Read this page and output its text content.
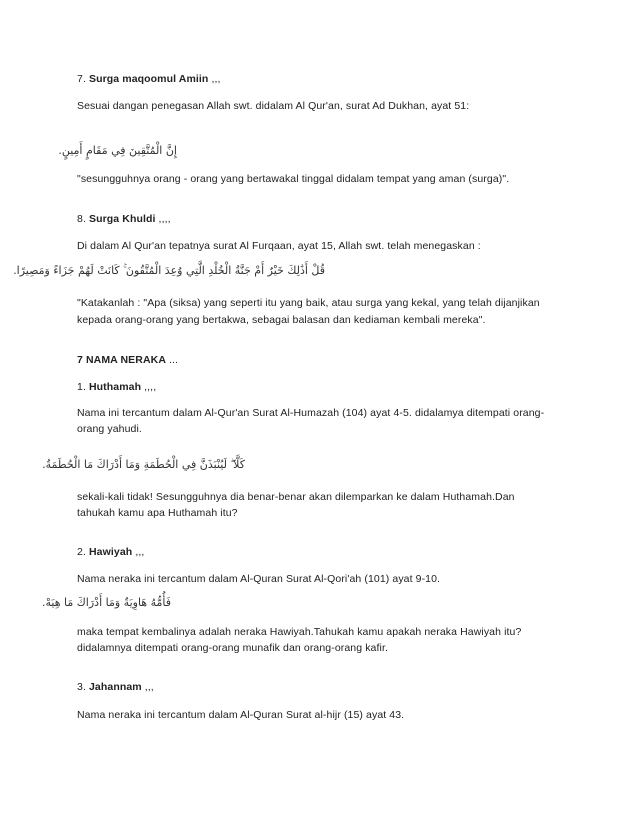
7. Surga maqoomul Amiin ,,,
Sesuai dangan penegasan Allah swt. didalam Al Qur'an, surat Ad Dukhan, ayat 51:
إِنَّ الْمُتَّقِينَ فِي مَقَامٍ أَمِينٍ.
"sesungguhnya orang - orang yang bertawakal tinggal didalam tempat yang aman (surga)".
8. Surga Khuldi ,,,,
Di dalam Al Qur'an tepatnya surat Al Furqaan, ayat 15, Allah swt. telah menegaskan :
قُلْ أَذَٰلِكَ خَيْرٌ أَمْ جَنَّةُ الْخُلْدِ الَّتِي وُعِدَ الْمُتَّقُونَ ۚ كَانَتْ لَهُمْ جَزَاءً وَمَصِيرًا.
"Katakanlah : "Apa (siksa) yang seperti itu yang baik, atau surga yang kekal, yang telah dijanjikan
kepada orang-orang yang bertakwa, sebagai balasan dan kediaman kembali mereka".
7 NAMA NERAKA ...
1. Huthamah ,,,,
Nama ini tercantum dalam Al-Qur'an Surat Al-Humazah (104) ayat 4-5. didalamya ditempati orang-orang yahudi.
كَلَّا ۖ لَيُنْبَذَنَّ فِي الْحُطَمَةِ وَمَا أَدْرَاكَ مَا الْحُطَمَةُ.
sekali-kali tidak! Sesungguhnya dia benar-benar akan dilemparkan ke dalam Huthamah.Dan tahukah kamu apa Huthamah itu?
2. Hawiyah ,,,
Nama neraka ini tercantum dalam Al-Quran Surat Al-Qori'ah (101) ayat 9-10.
فَأُمُّهُ هَاوِيَةٌ وَمَا أَدْرَاكَ مَا هِيَهْ.
maka tempat kembalinya adalah neraka Hawiyah.Tahukah kamu apakah neraka Hawiyah itu? didalamnya ditempati orang-orang munafik dan orang-orang kafir.
3. Jahannam ,,,
Nama neraka ini tercantum dalam Al-Quran Surat al-hijr (15) ayat 43.
